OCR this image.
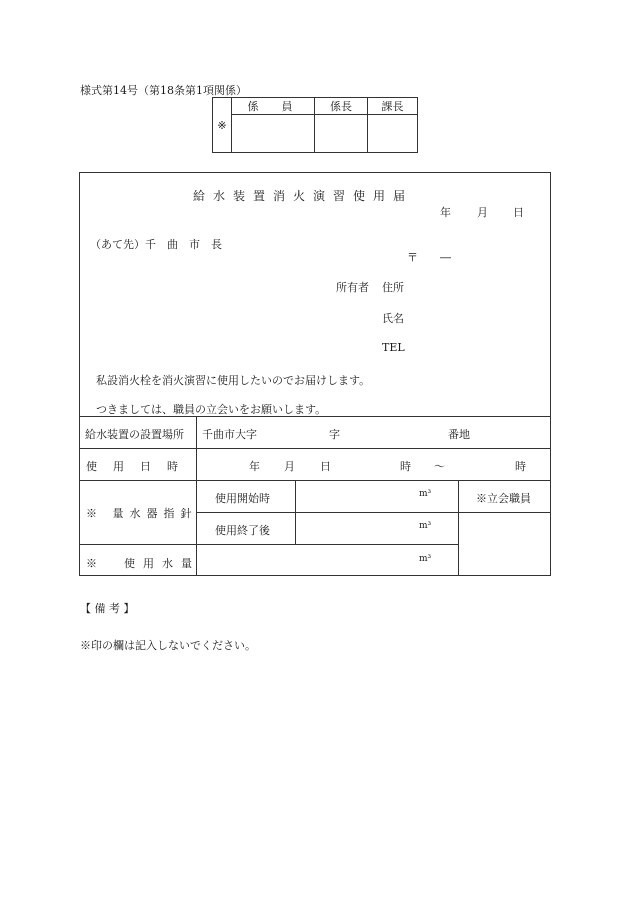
様式第14号（第18条第1項関係）
※	係　員	係長	課長

給水装置消火演習使用届
年 月 日
（あて先）千　曲　市　長
〒　　―
所有者 住所
氏名
TEL
私設消火栓を消火演習に使用したいのでお届けします。
つきましては、職員の立会いをお願いします。
給水装置の設置場所 千曲市大字	字	番地
使用日時	年 月 日	時 ～	時
※ 量水器指針
使用開始時	m³	※立会職員
使用終了後	m³
※　使用水量	m³
【 備 考 】
※印の欄は記入しないでください。
